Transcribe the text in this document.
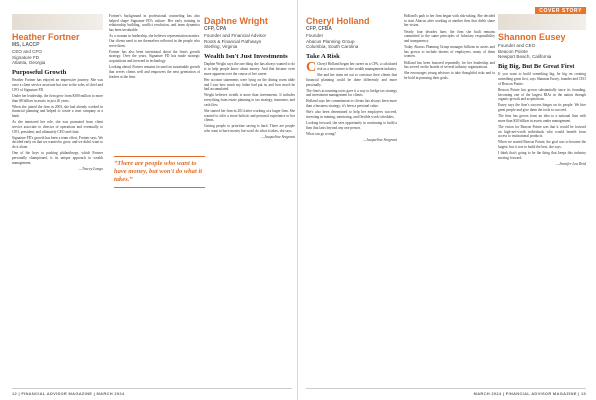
COVER STORY
Heather Fortner
MS, LACCP
CEO and CFO
Signature FD
Atlanta, Georgia
Purposeful Growth

Heather Fortner has enjoyed an impressive journey. She was once a client service associate but rose to the roles of chief and CFO of Signature FD.

Under her leadership, the firm grew from $300 million to more than $8 billion in assets in just 20 years.

When she joined the firm in 2003, she had already worked in financial planning and helped to create a trust company at a bank.

As she mentored her role, she was promoted from client service associate to director of operations and eventually to CFO, president, and ultimately CEO and chair.

Signature FD's growth has been a team effort, Fortner says. We decided early on that we wanted to grow, and we didn't want to do it alone.

One of the keys to pushing philanthropy, which Fortner personally championed, is its unique approach to wealth management.

—Tracey Longo

Fortner's background in professional counseling has also helped shape Signature FD's culture. Her early training in relationship building, conflict resolution, and team dynamics has been invaluable.

As a woman in leadership, she believes representation matters. Our clients need to see themselves reflected in the people who serve them.

Fortner has also been intentional about the firm's growth strategy. Over the years, Signature FD has made strategic acquisitions and invested in technology.

Looking ahead, Fortner remains focused on sustainable growth that serves clients well and empowers the next generation of leaders at the firm.

“There are people who want to have money, but won't do what it takes.”
Daphne Wright
CFP, CPA
Founder and Financial Advisor
Roots & Financial Pathways
Sterling, Virginia
Wealth Isn't Just Investments

Daphne Wright says the one thing she has always wanted to do is to help people know about money. And that became even more apparent over the course of her career.

Her account statements were lying on the dining room table and I saw how much my father had put in, and how much he had accumulated.

Wright believes wealth is more than investments. It includes everything from estate planning to tax strategy, insurance, and cash flow.

She started her firm in 2014 after working at a larger firm. She wanted to offer a more holistic and personal experience to her clients.

Getting people to prioritize saving is hard. There are people who want to have money but won't do what it takes, she says.

—Jacqueline Sergeant
12 | FINANCIAL ADVISOR MAGAZINE | MARCH 2024
Cheryl Holland
CFP, CFBA
Founder
Abacus Planning Group
Columbia, South Carolina
Take A Risk

C Cheryl Holland began her career as a CPA, a calculated risk as a newcomer to the wealth management industry.

She and her team set out to convince their clients that financial planning could be done differently and more personally.

The firm's accounting roots gave it a way to bridge tax strategy and investment management for clients.

Holland says her commitment to clients has always been more than a business strategy; it's been a personal value.

She's also been determined to help her employees succeed, investing in training, mentoring, and flexible work schedules.

Looking forward, she sees opportunity in continuing to build a firm that lasts beyond any one person.

What can go wrong?

—Jacqueline Sergeant

Holland's path to her firm began with risk-taking. She decided to start Abacus after working at another firm that didn't share her vision.

Nearly four decades later, the firm she built remains committed to the same principles of fiduciary responsibility and transparency.

Today Abacus Planning Group manages billions in assets and has grown to include dozens of employees, many of them women.

Holland has been honored repeatedly for her leadership and has served on the boards of several industry organizations.

She encourages young advisors to take thoughtful risks and to be bold in pursuing their goals.

Shannon Eusey
Founder and CEO
Beacon Pointe
Newport Beach, California
Big Big, But Be Great First

If you want to build something big, be big on creating something great first, says Shannon Eusey, founder and CEO of Beacon Pointe.

Beacon Pointe has grown substantially since its founding, becoming one of the largest RIAs in the nation through organic growth and acquisitions.

Eusey says the firm's success hinges on its people. We hire great people and give them the tools to succeed.

The firm has grown from an idea to a national firm with more than $30 billion in assets under management.

The vision for Beacon Pointe was that it would be focused on high-net-worth individuals who would benefit from access to institutional products.

When we started Beacon Pointe, the goal was to become the largest, but it was to build the best, she says.

I think that's going to be the thing that keeps this industry moving forward.

—Jennifer Lea Reid
MARCH 2024 | FINANCIAL ADVISOR MAGAZINE | 13
